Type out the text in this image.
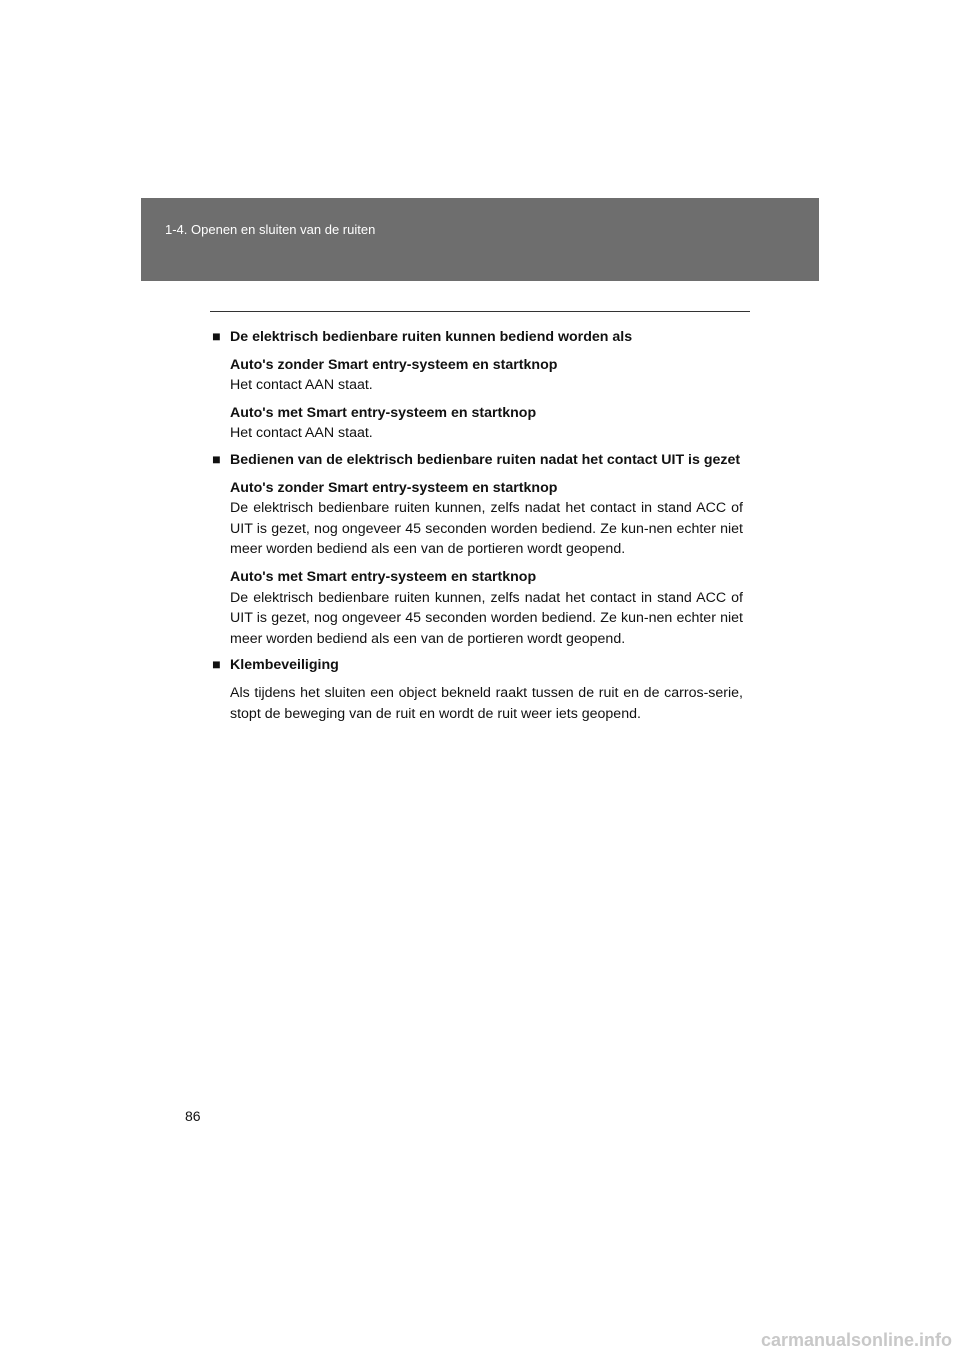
1-4. Openen en sluiten van de ruiten
■ De elektrisch bedienbare ruiten kunnen bediend worden als
Auto's zonder Smart entry-systeem en startknop
Het contact AAN staat.
Auto's met Smart entry-systeem en startknop
Het contact AAN staat.
■ Bedienen van de elektrisch bedienbare ruiten nadat het contact UIT is gezet
Auto's zonder Smart entry-systeem en startknop
De elektrisch bedienbare ruiten kunnen, zelfs nadat het contact in stand ACC of UIT is gezet, nog ongeveer 45 seconden worden bediend. Ze kun-nen echter niet meer worden bediend als een van de portieren wordt geopend.
Auto's met Smart entry-systeem en startknop
De elektrisch bedienbare ruiten kunnen, zelfs nadat het contact in stand ACC of UIT is gezet, nog ongeveer 45 seconden worden bediend. Ze kun-nen echter niet meer worden bediend als een van de portieren wordt geopend.
■ Klembeveiliging
Als tijdens het sluiten een object bekneld raakt tussen de ruit en de carros-serie, stopt de beweging van de ruit en wordt de ruit weer iets geopend.
86
carmanualsonline.info
